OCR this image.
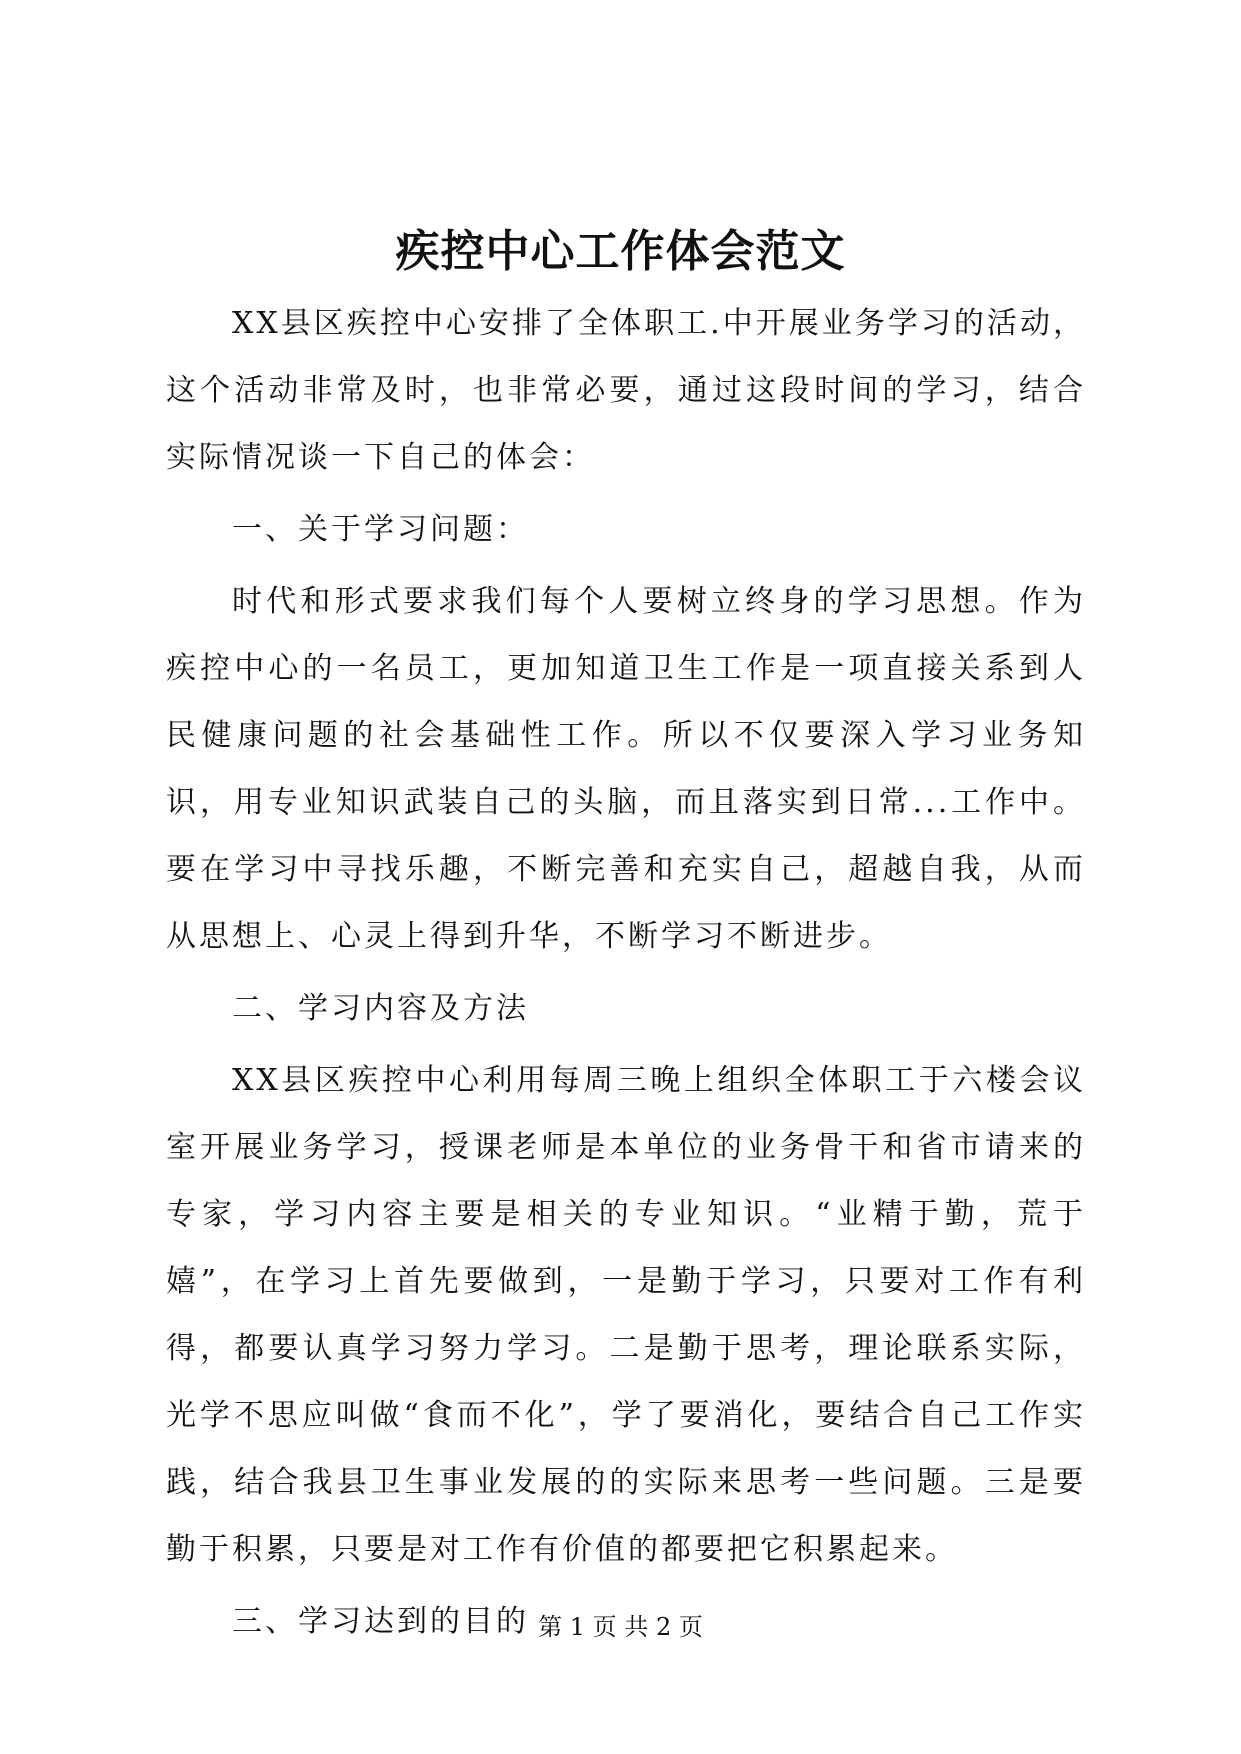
疾控中心工作体会范文

XX县区疾控中心安排了全体职工.中开展业务学习的活动，这个活动非常及时，也非常必要，通过这段时间的学习，结合实际情况谈一下自己的体会：

一、关于学习问题：

时代和形式要求我们每个人要树立终身的学习思想。作为疾控中心的一名员工，更加知道卫生工作是一项直接关系到人民健康问题的社会基础性工作。所以不仅要深入学习业务知识，用专业知识武装自己的头脑，而且落实到日常...工作中。要在学习中寻找乐趣，不断完善和充实自己，超越自我，从而从思想上、心灵上得到升华，不断学习不断进步。

二、学习内容及方法

XX县区疾控中心利用每周三晚上组织全体职工于六楼会议室开展业务学习，授课老师是本单位的业务骨干和省市请来的专家，学习内容主要是相关的专业知识。“业精于勤，荒于嬉”，在学习上首先要做到，一是勤于学习，只要对工作有利得，都要认真学习努力学习。二是勤于思考，理论联系实际，光学不思应叫做“食而不化”，学了要消化，要结合自己工作实践，结合我县卫生事业发展的的实际来思考一些问题。三是要勤于积累，只要是对工作有价值的都要把它积累起来。

三、学习达到的目的 第 1 页 共 2 页
